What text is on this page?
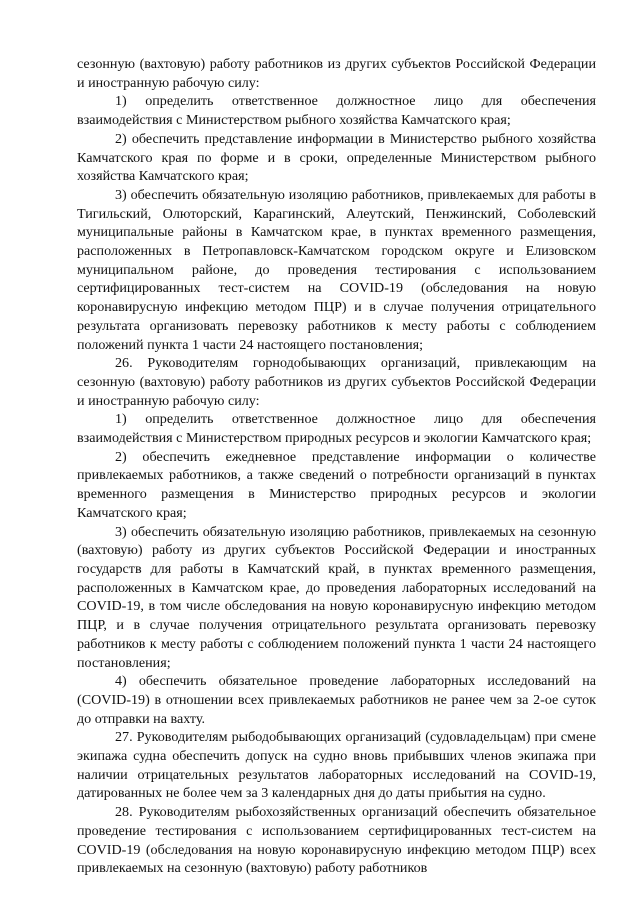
сезонную (вахтовую) работу работников из других субъектов Российской Федерации и иностранную рабочую силу:

1) определить ответственное должностное лицо для обеспечения взаимодействия с Министерством рыбного хозяйства Камчатского края;

2) обеспечить представление информации в Министерство рыбного хозяйства Камчатского края по форме и в сроки, определенные Министерством рыбного хозяйства Камчатского края;

3) обеспечить обязательную изоляцию работников, привлекаемых для работы в Тигильский, Олюторский, Карагинский, Алеутский, Пенжинский, Соболевский муниципальные районы в Камчатском крае, в пунктах временного размещения, расположенных в Петропавловск-Камчатском городском округе и Елизовском муниципальном районе, до проведения тестирования с использованием сертифицированных тест-систем на COVID-19 (обследования на новую коронавирусную инфекцию методом ПЦР) и в случае получения отрицательного результата организовать перевозку работников к месту работы с соблюдением положений пункта 1 части 24 настоящего постановления;

26. Руководителям горнодобывающих организаций, привлекающим на сезонную (вахтовую) работу работников из других субъектов Российской Федерации и иностранную рабочую силу:

1) определить ответственное должностное лицо для обеспечения взаимодействия с Министерством природных ресурсов и экологии Камчатского края;

2) обеспечить ежедневное представление информации о количестве привлекаемых работников, а также сведений о потребности организаций в пунктах временного размещения в Министерство природных ресурсов и экологии Камчатского края;

3) обеспечить обязательную изоляцию работников, привлекаемых на сезонную (вахтовую) работу из других субъектов Российской Федерации и иностранных государств для работы в Камчатский край, в пунктах временного размещения, расположенных в Камчатском крае, до проведения лабораторных исследований на COVID-19, в том числе обследования на новую коронавирусную инфекцию методом ПЦР, и в случае получения отрицательного результата организовать перевозку работников к месту работы с соблюдением положений пункта 1 части 24 настоящего постановления;

4) обеспечить обязательное проведение лабораторных исследований на (COVID-19) в отношении всех привлекаемых работников не ранее чем за 2-ое суток до отправки на вахту.

27. Руководителям рыбодобывающих организаций (судовладельцам) при смене экипажа судна обеспечить допуск на судно вновь прибывших членов экипажа при наличии отрицательных результатов лабораторных исследований на COVID-19, датированных не более чем за 3 календарных дня до даты прибытия на судно.

28. Руководителям рыбохозяйственных организаций обеспечить обязательное проведение тестирования с использованием сертифицированных тест-систем на COVID-19 (обследования на новую коронавирусную инфекцию методом ПЦР) всех привлекаемых на сезонную (вахтовую) работу работников
